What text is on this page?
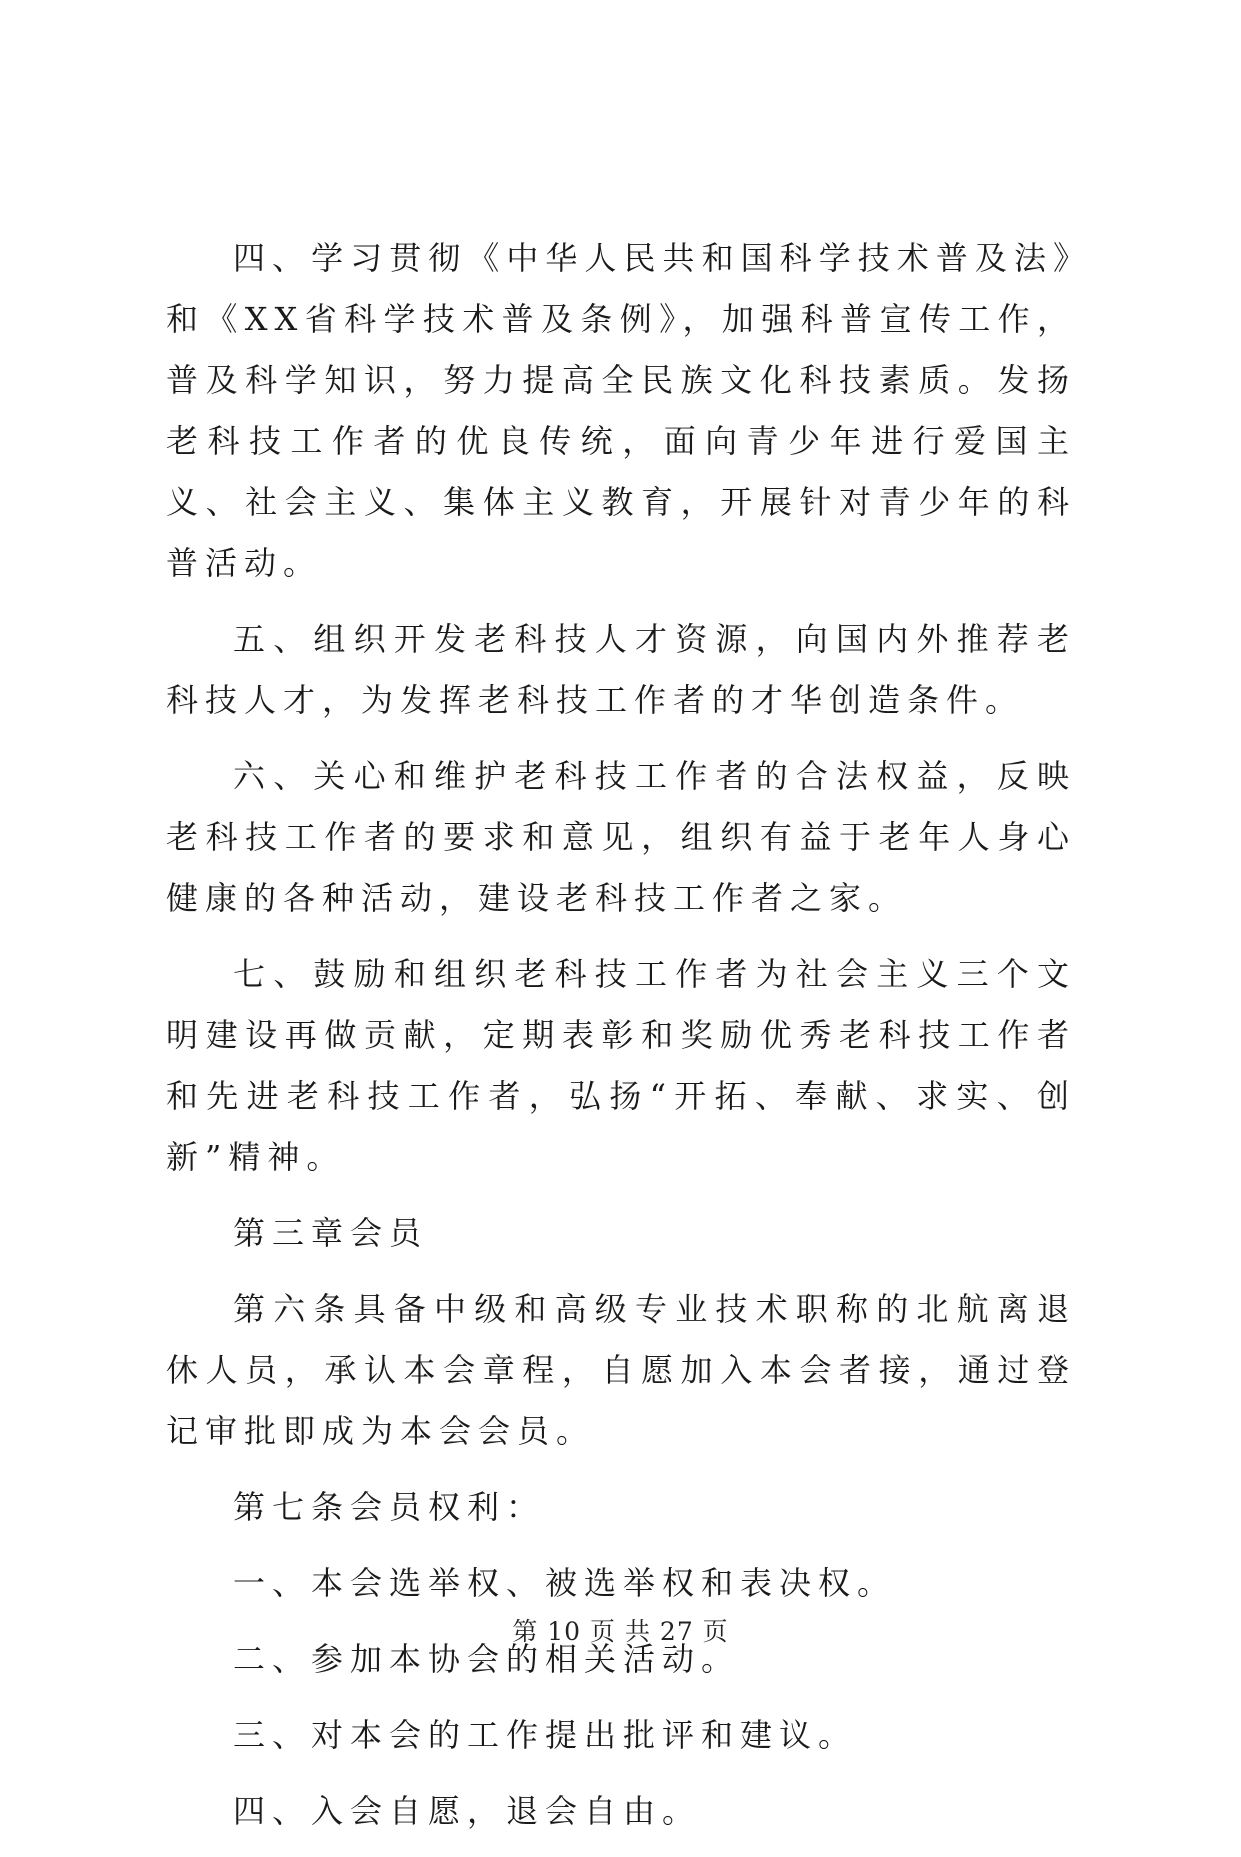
四、学习贯彻《中华人民共和国科学技术普及法》和《XX省科学技术普及条例》，加强科普宣传工作，普及科学知识，努力提高全民族文化科技素质。发扬老科技工作者的优良传统，面向青少年进行爱国主义、社会主义、集体主义教育，开展针对青少年的科普活动。

五、组织开发老科技人才资源，向国内外推荐老科技人才，为发挥老科技工作者的才华创造条件。

六、关心和维护老科技工作者的合法权益，反映老科技工作者的要求和意见，组织有益于老年人身心健康的各种活动，建设老科技工作者之家。

七、鼓励和组织老科技工作者为社会主义三个文明建设再做贡献，定期表彰和奖励优秀老科技工作者和先进老科技工作者，弘扬“开拓、奉献、求实、创新”精神。

第三章会员

第六条具备中级和高级专业技术职称的北航离退休人员，承认本会章程，自愿加入本会者接，通过登记审批即成为本会会员。

第七条会员权利：

一、本会选举权、被选举权和表决权。

二、参加本协会的相关活动。

三、对本会的工作提出批评和建议。

四、入会自愿，退会自由。

第 10 页 共 27 页
